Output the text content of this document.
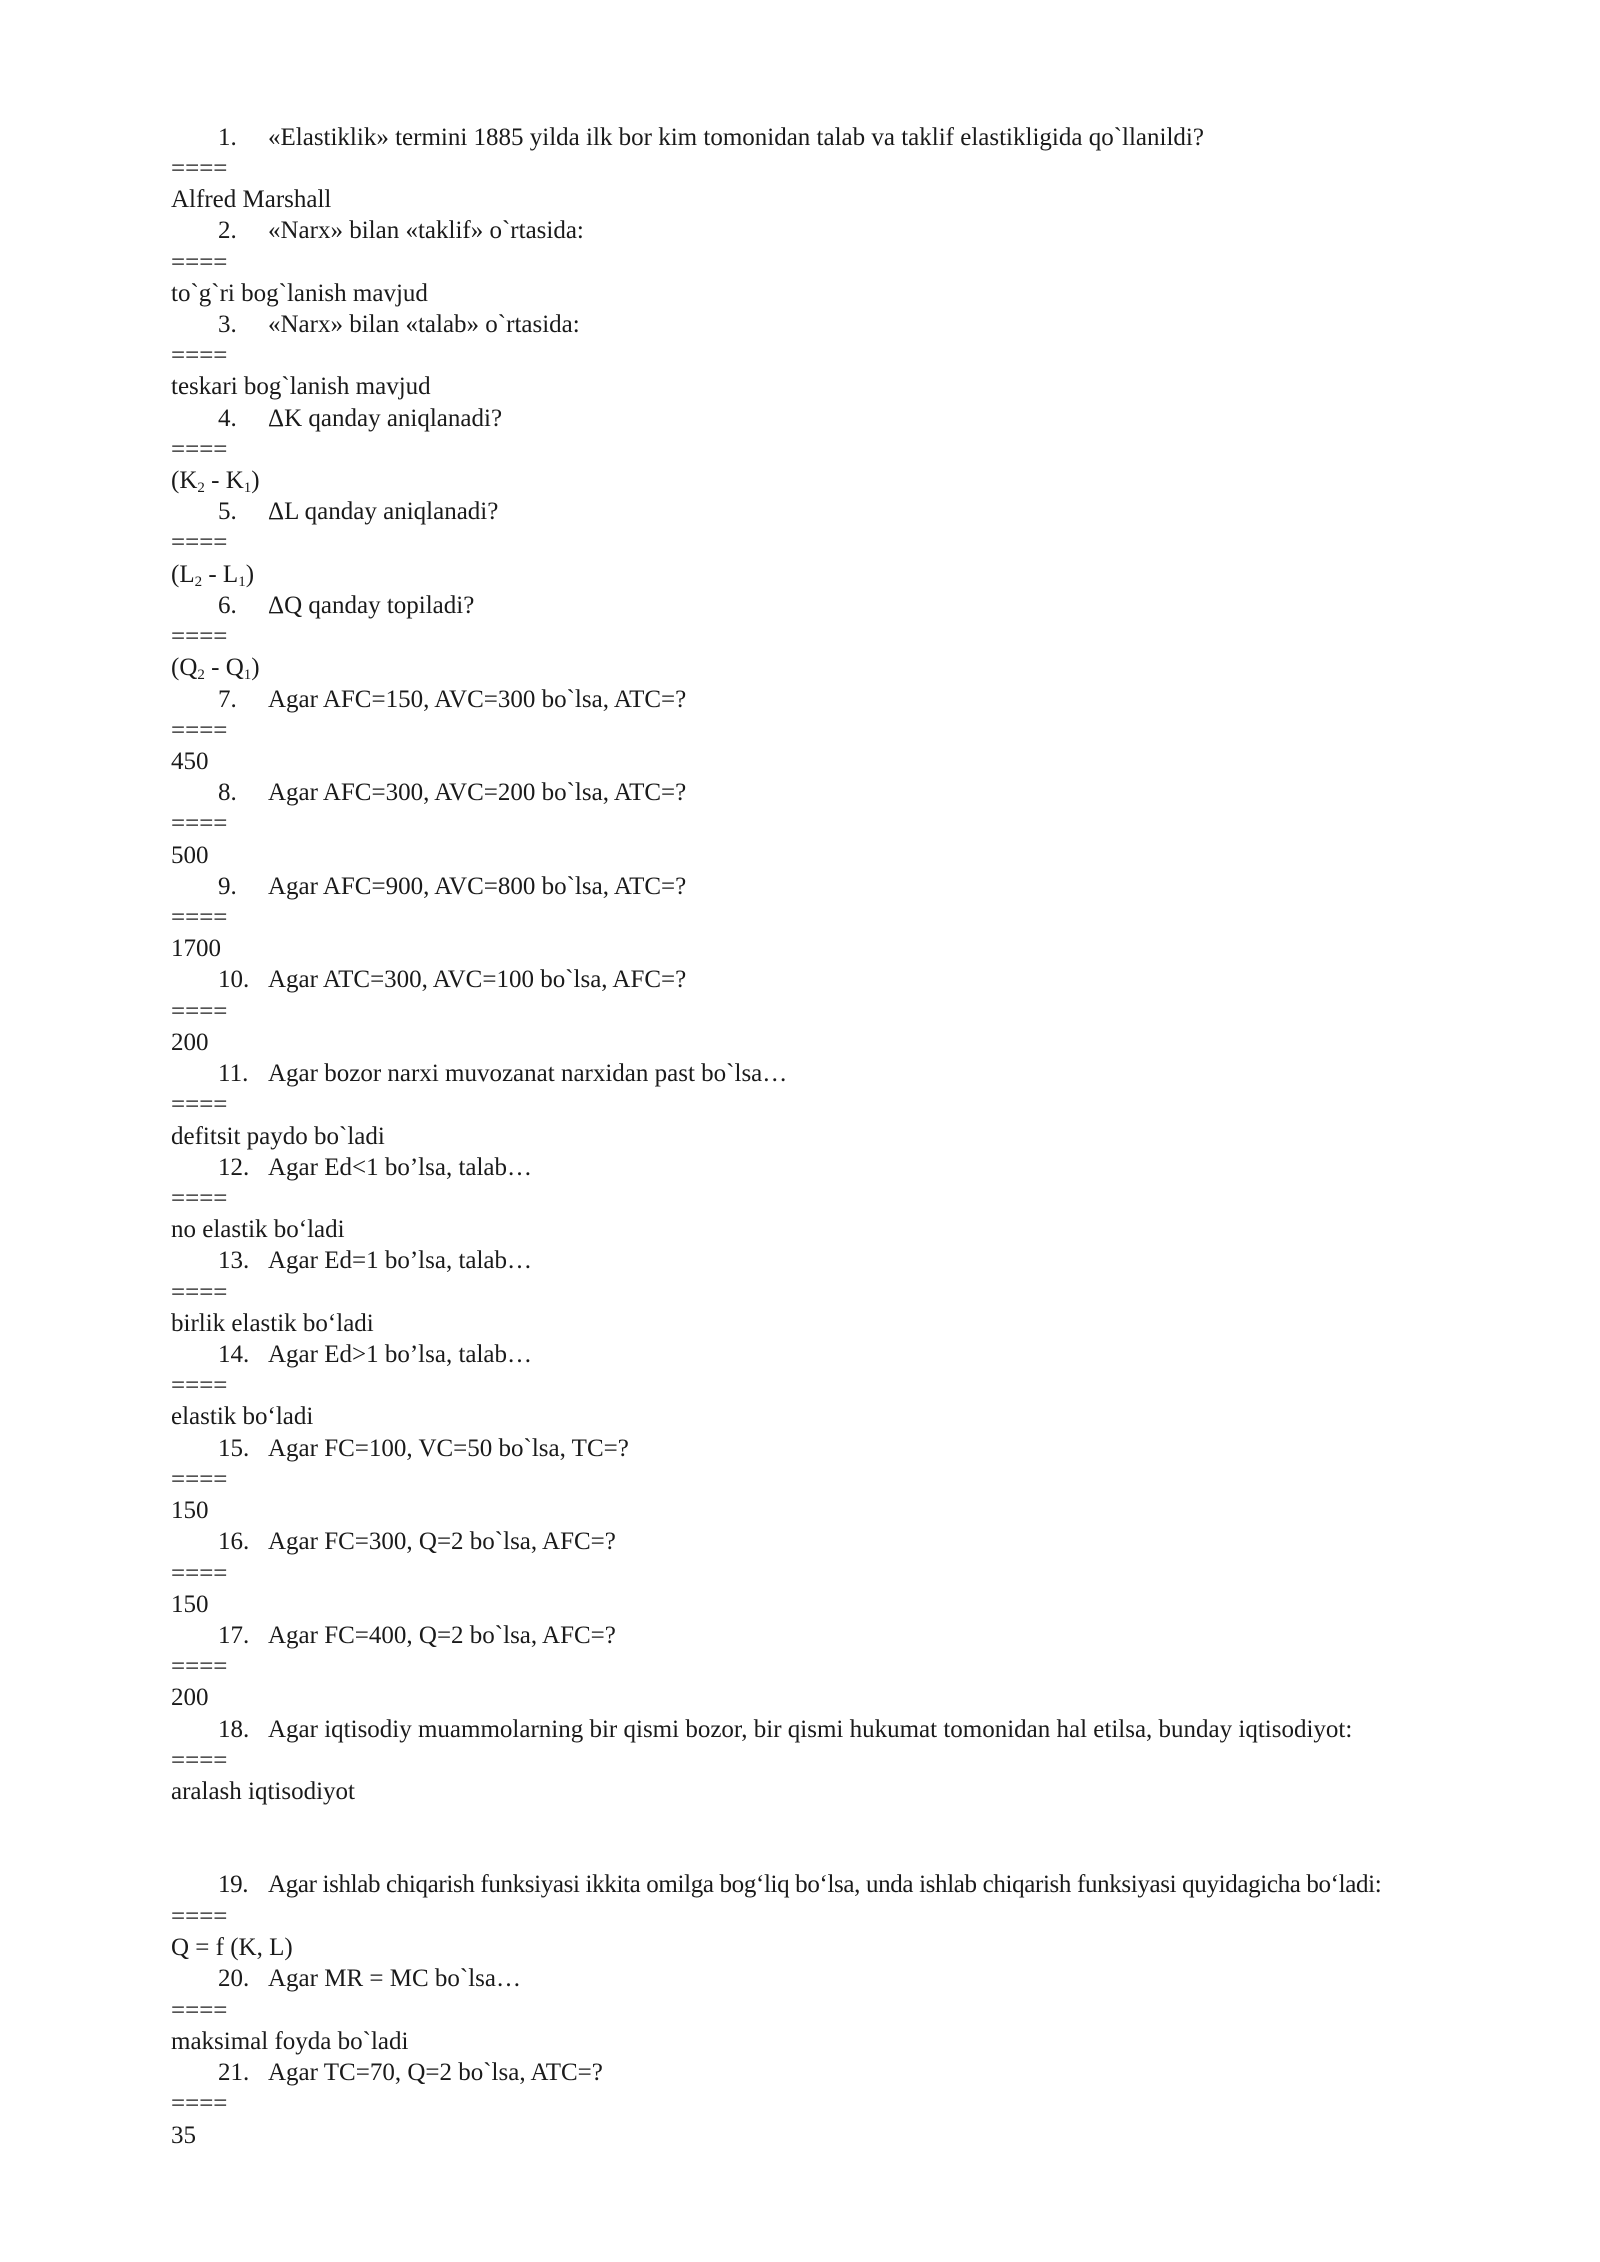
1. «Elastiklik» termini 1885 yilda ilk bor kim tomonidan talab va taklif elastikligida qo`llanildi?
====
Alfred Marshall
2. «Narx» bilan «taklif» o`rtasida:
====
to`g`ri bog`lanish mavjud
3. «Narx» bilan «talab» o`rtasida:
====
teskari bog`lanish mavjud
4. ΔK qanday aniqlanadi?
====
$(K_2 - K_1)$
5. ΔL qanday aniqlanadi?
====
$(L_2 - L_1)$
6. ΔQ qanday topiladi?
====
$(Q_2 - Q_1)$
7. Agar AFC=150, AVC=300 bo`lsa, ATC=?
====
450
8. Agar AFC=300, AVC=200 bo`lsa, ATC=?
====
500
9. Agar AFC=900, AVC=800 bo`lsa, ATC=?
====
1700
10. Agar ATC=300, AVC=100 bo`lsa, AFC=?
====
200
11. Agar bozor narxi muvozanat narxidan past bo`lsa…
====
defitsit paydo bo`ladi
12. Agar Ed<1 bo’lsa, talab…
====
no elastik bo‘ladi
13. Agar Ed=1 bo’lsa, talab…
====
birlik elastik bo‘ladi
14. Agar Ed>1 bo’lsa, talab…
====
elastik bo‘ladi
15. Agar FC=100, VC=50 bo`lsa, TC=?
====
150
16. Agar FC=300, Q=2 bo`lsa, AFC=?
====
150
17. Agar FC=400, Q=2 bo`lsa, AFC=?
====
200
18. Agar iqtisodiy muammolarning bir qismi bozor, bir qismi hukumat tomonidan hal etilsa, bunday iqtisodiyot:
====
aralash iqtisodiyot
19. Agar ishlab chiqarish funksiyasi ikkita omilga bog‘liq bo‘lsa, unda ishlab chiqarish funksiyasi quyidagicha bo‘ladi:
====
Q = f (K, L)
20. Agar MR = MC bo`lsa…
====
maksimal foyda bo`ladi
21. Agar TC=70, Q=2 bo`lsa, ATC=?
====
35
